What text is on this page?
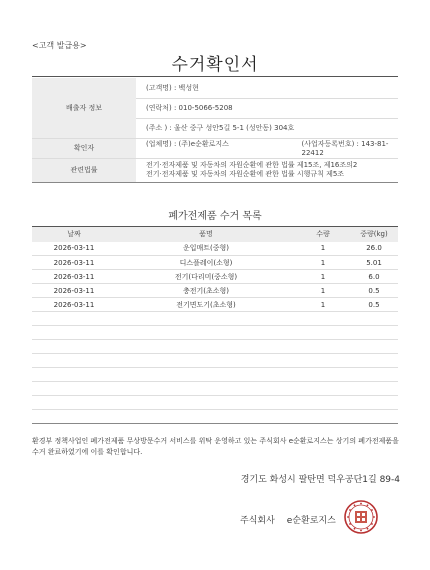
<고객 발급용>
수거확인서
배출자 정보	(고객명) : 백성현
	(연락처) : 010-5066-5208
	(주소 ) : 울산 중구 성안5길 5-1 (성안동) 304호
확인자	(업체명) : (주)e순환로지스 (사업자등록번호) : 143-81-22412

관련법률	전기·전자제품 및 자동차의 자원순환에 관한 법률 제15조, 제16조의2
전기·전자제품 및 자동차의 자원순환에 관한 법률 시행규칙 제5조
폐가전제품 수거 목록
날짜	품명	수량	중량(kg)
2026-03-11	운입매트(중형)	1	26.0
2026-03-11	디스플레이(소형)	1	5.01
2026-03-11	전기(다리미(중소형)	1	6.0
2026-03-11	충전기(초소형)	1	0.5
2026-03-11	전기면도기(초소형)	1	0.5

환경부 정책사업인 폐가전제품 무상방문수거 서비스를 위탁 운영하고 있는 주식회사 e순환로지스는 상기의 폐가전제품을
수거 완료하였기에 이를 확인합니다.
경기도 화성시 팔탄면 덕우공단1길 89-4
주식회사 e순환로지스
